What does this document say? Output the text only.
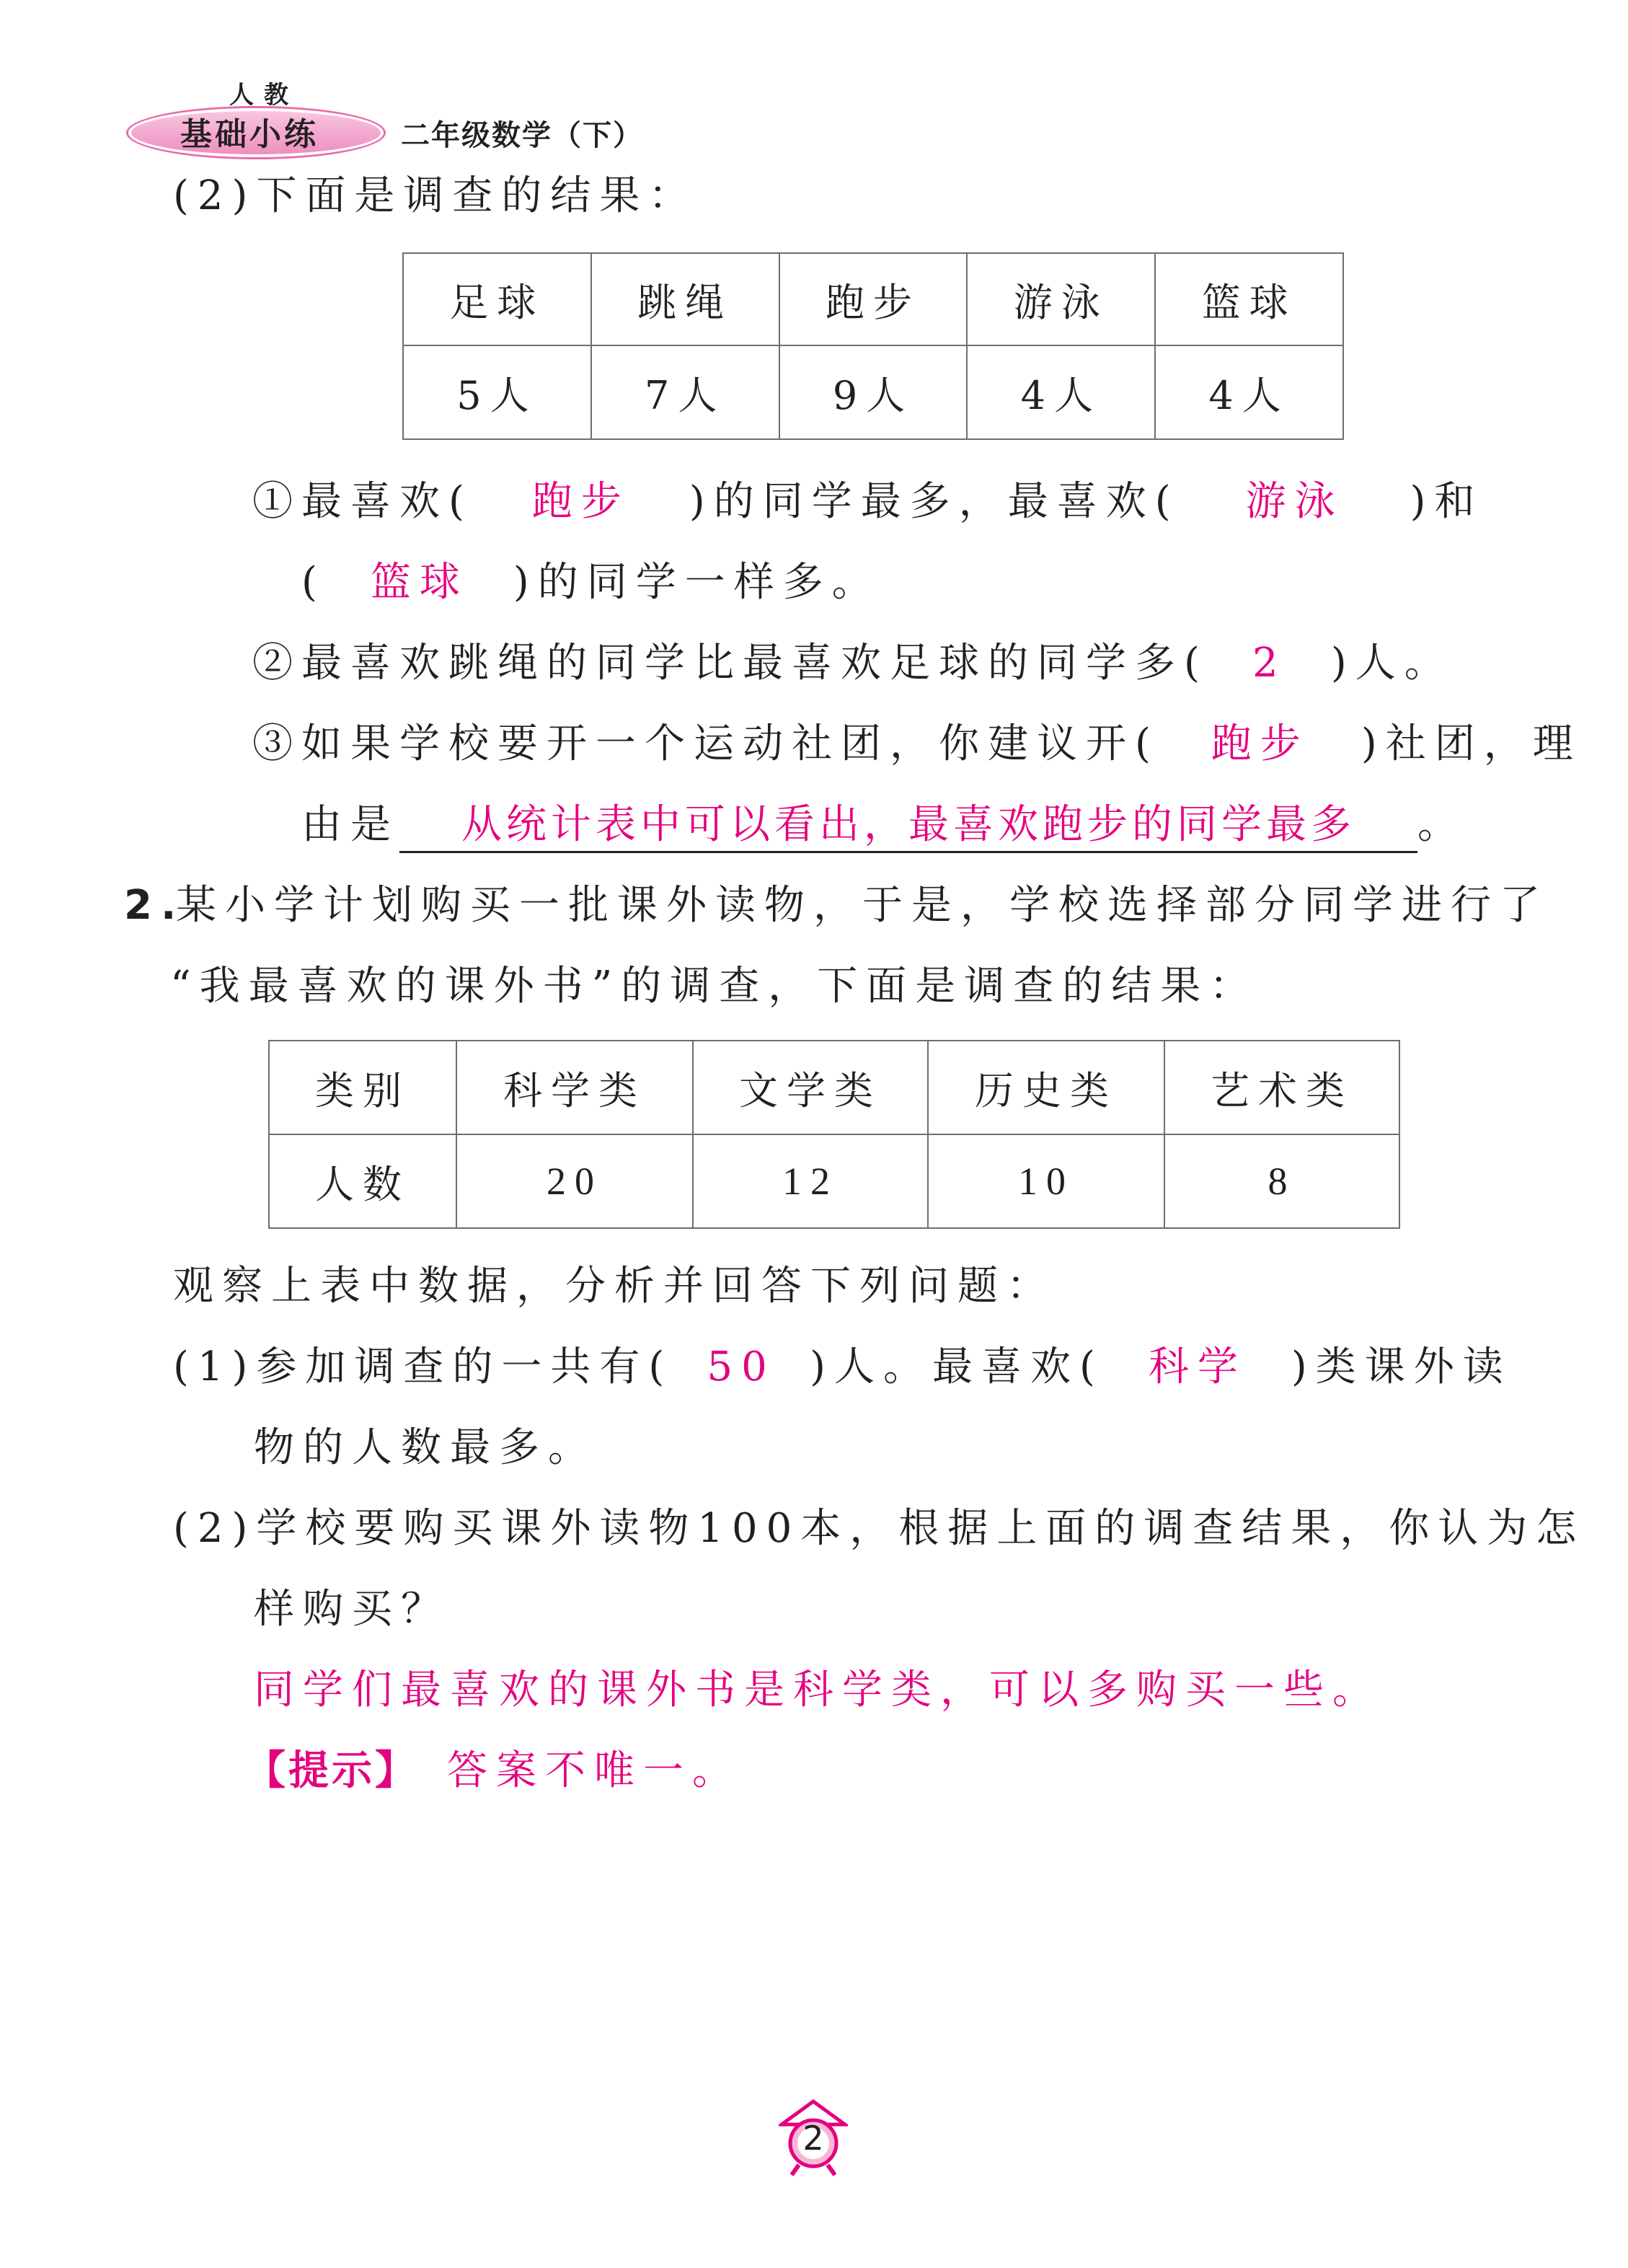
人教
基础小练	二年级数学（下）
(2)下面是调查的结果：
足球	跳绳	跑步	游泳	篮球
5人	7人	9人	4人	4人
①最喜欢( 跑步 )的同学最多，最喜欢( 游泳 )和
( 篮球 )的同学一样多。
②最喜欢跳绳的同学比最喜欢足球的同学多( 2 )人。
③如果学校要开一个运动社团，你建议开( 跑步 )社团，理
由是 从统计表中可以看出，最喜欢跑步的同学最多 。
2.
某小学计划购买一批课外读物，于是，学校选择部分同学进行了
“我最喜欢的课外书”的调查，下面是调查的结果：
类别	科学类	文学类	历史类	艺术类
人数	20	12	10	8
观察上表中数据，分析并回答下列问题：
(1)参加调查的一共有( 50 )人。最喜欢( 科学 )类课外读
物的人数最多。
(2)学校要购买课外读物100本，根据上面的调查结果，你认为怎
样购买？
同学们最喜欢的课外书是科学类，可以多购买一些。
【提示】 答案不唯一。
2
